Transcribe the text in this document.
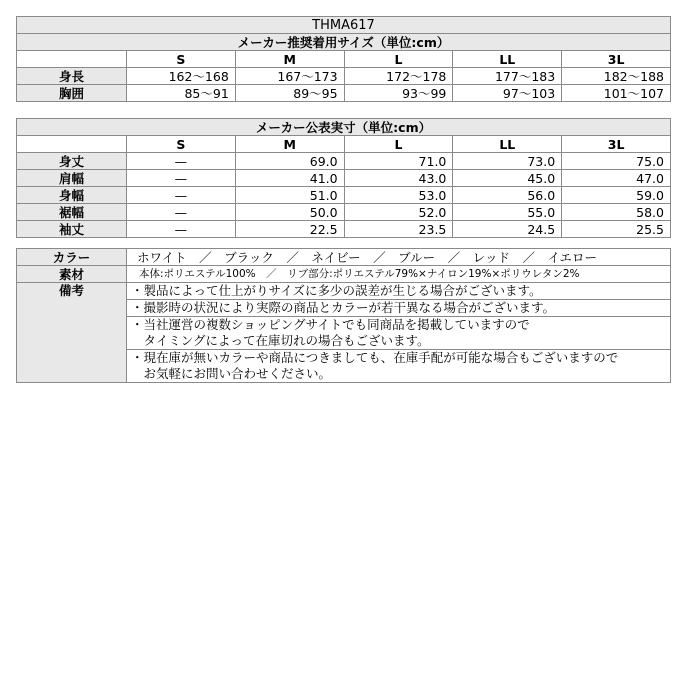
THMA617					
メーカー推奨着用サイズ（単位:cm）					
	S	M	L	LL	3L
身長	162～168	167～173	172～178	177～183	182～188
胸囲	85～91	89～95	93～99	97～103	101～107
メーカー公表実寸（単位:cm）					
	S	M	L	LL	3L
身丈	—	69.0	71.0	73.0	75.0
肩幅	—	41.0	43.0	45.0	47.0
身幅	—	51.0	53.0	56.0	59.0
裾幅	—	50.0	52.0	55.0	58.0
袖丈	—	22.5	23.5	24.5	25.5
カラー	ホワイト　／　ブラック　／　ネイビー　／　ブルー　／　レッド　／　イエロー
素材	本体:ポリエステル100%　／　リブ部分:ポリエステル79%×ナイロン19%×ポリウレタン2%
備考	・製品によって仕上がりサイズに多少の誤差が生じる場合がございます。

	・撮影時の状況により実際の商品とカラーが若干異なる場合がございます。

	・当社運営の複数ショッピングサイトでも同商品を掲載していますので
　タイミングによって在庫切れの場合もございます。

	・現在庫が無いカラーや商品につきましても、在庫手配が可能な場合もございますので
　お気軽にお問い合わせください。
